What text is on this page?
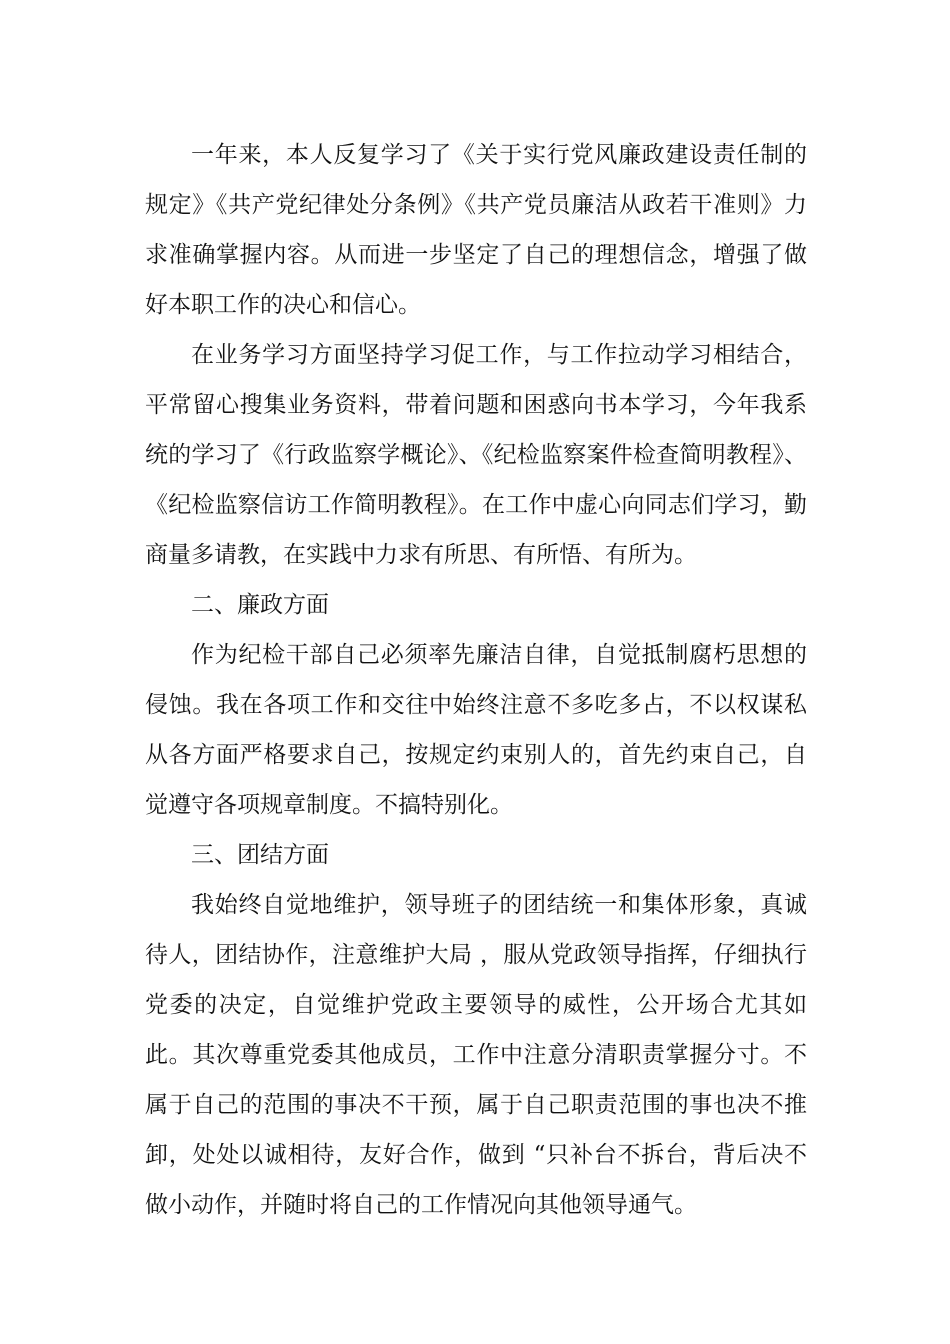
一年来，本人反复学习了《关于实行党风廉政建设责任制的规定》《共产党纪律处分条例》《共产党员廉洁从政若干准则》力求准确掌握内容。从而进一步坚定了自己的理想信念，增强了做好本职工作的决心和信心。

在业务学习方面坚持学习促工作，与工作拉动学习相结合，平常留心搜集业务资料，带着问题和困惑向书本学习，今年我系统的学习了《行政监察学概论》、《纪检监察案件检查简明教程》、《纪检监察信访工作简明教程》。在工作中虚心向同志们学习，勤商量多请教，在实践中力求有所思、有所悟、有所为。

二、廉政方面

作为纪检干部自己必须率先廉洁自律，自觉抵制腐朽思想的侵蚀。我在各项工作和交往中始终注意不多吃多占，不以权谋私从各方面严格要求自己，按规定约束别人的，首先约束自己，自觉遵守各项规章制度。不搞特别化。

三、团结方面

我始终自觉地维护，领导班子的团结统一和集体形象，真诚待人，团结协作，注意维护大局 ，服从党政领导指挥，仔细执行党委的决定，自觉维护党政主要领导的威性，公开场合尤其如此。其次尊重党委其他成员，工作中注意分清职责掌握分寸。不属于自己的范围的事决不干预，属于自己职责范围的事也决不推卸，处处以诚相待，友好合作，做到 “只补台不拆台，背后决不做小动作，并随时将自己的工作情况向其他领导通气。
